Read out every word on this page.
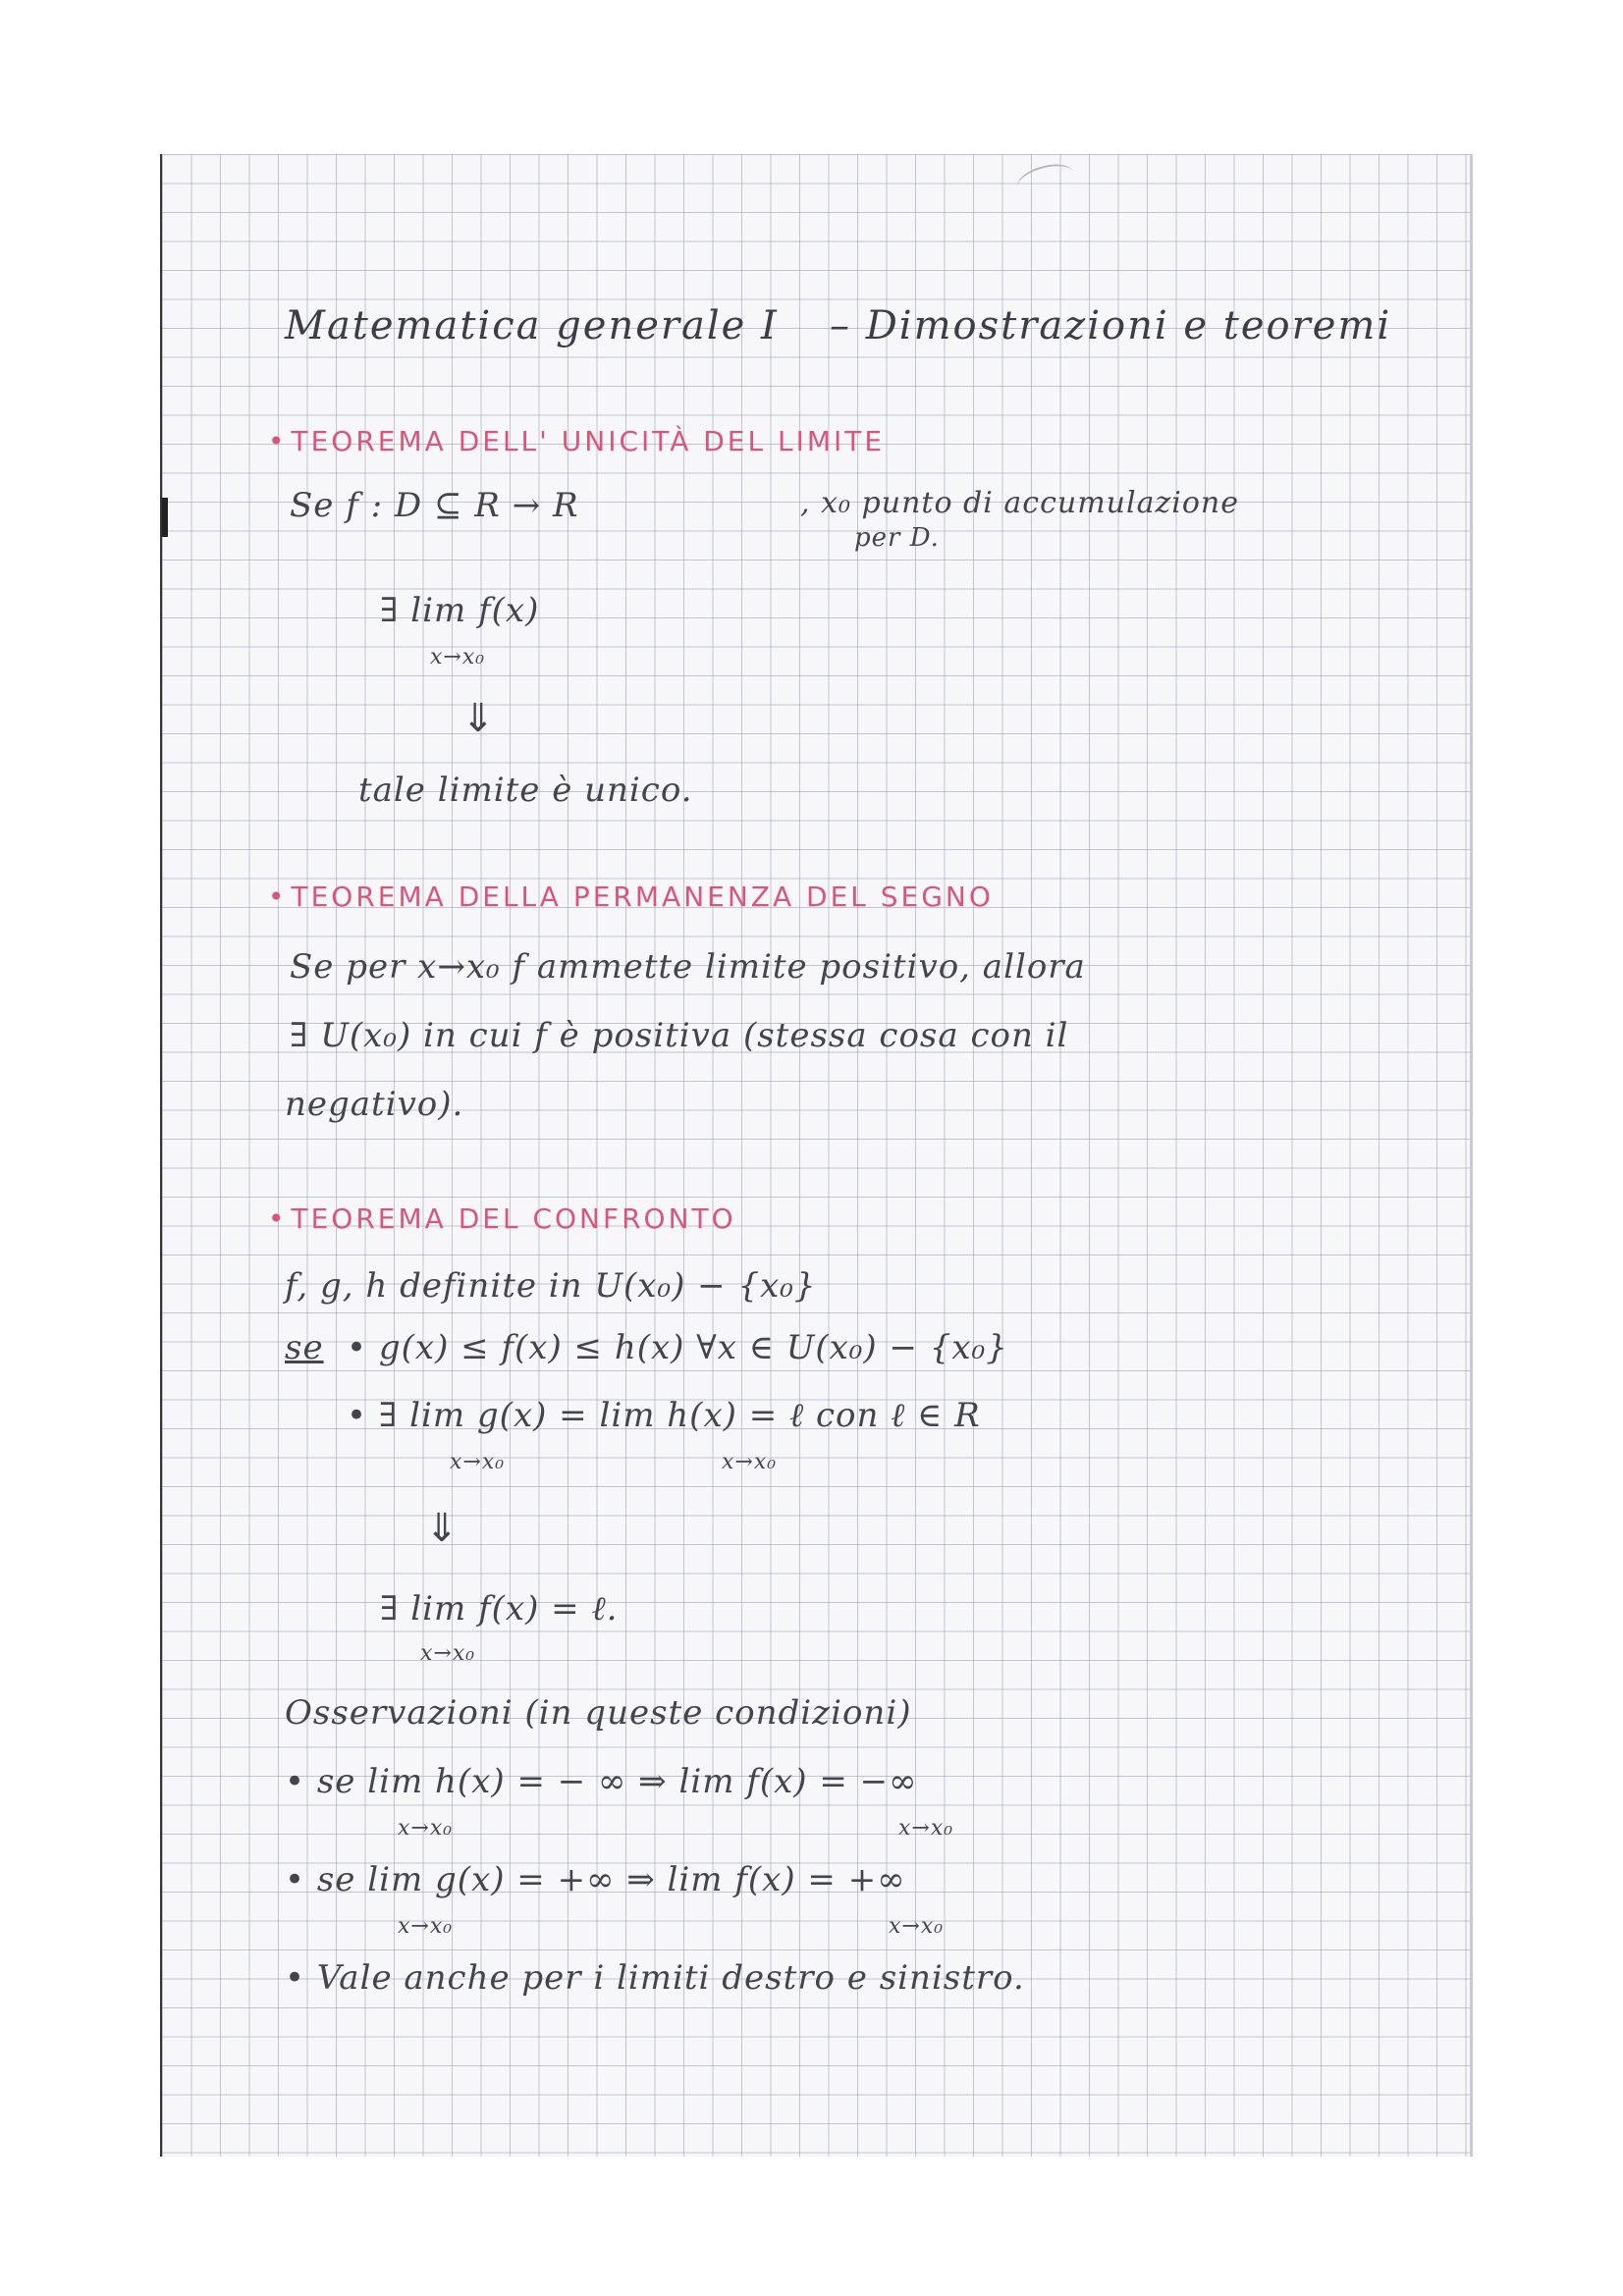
Matematica generale I – Dimostrazioni e teoremi
• TEOREMA DELL' UNICITÀ DEL LIMITE
Se f : D ⊆ R → R	, x₀ punto di accumulazione
per D.
∃ lim f(x)
x→x₀
⇓
tale limite è unico.
• TEOREMA DELLA PERMANENZA DEL SEGNO
Se per x→x₀ f ammette limite positivo, allora
∃ U(x₀) in cui f è positiva (stessa cosa con il
negativo).
• TEOREMA DEL CONFRONTO
f, g, h definite in U(x₀) − {x₀}
se • g(x) ≤ f(x) ≤ h(x) ∀x ∈ U(x₀) − {x₀}
• ∃ lim g(x) = lim h(x) = ℓ con ℓ ∈ R
x→x₀	x→x₀
⇓
∃ lim f(x) = ℓ.
x→x₀
Osservazioni (in queste condizioni)
• se lim h(x) = − ∞ ⇒ lim f(x) = −∞
x→x₀	x→x₀
• se lim g(x) = +∞ ⇒ lim f(x) = +∞
x→x₀	x→x₀
• Vale anche per i limiti destro e sinistro.
